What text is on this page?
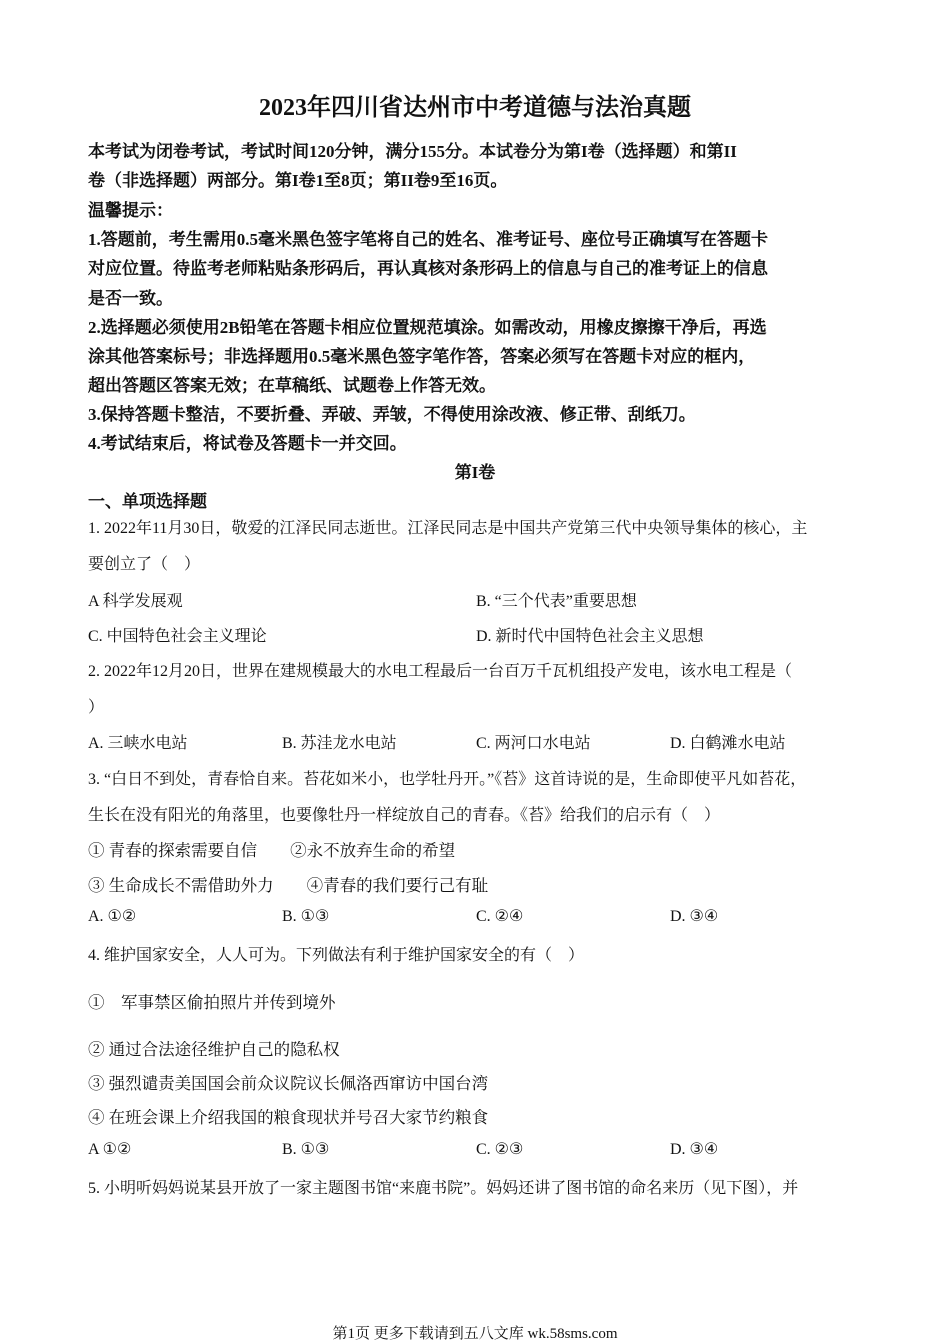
2023年四川省达州市中考道德与法治真题
本考试为闭卷考试，考试时间120分钟，满分155分。本试卷分为第I卷（选择题）和第II
卷（非选择题）两部分。第I卷1至8页；第II卷9至16页。
温馨提示：
1.答题前，考生需用0.5毫米黑色签字笔将自己的姓名、准考证号、座位号正确填写在答题卡
对应位置。待监考老师粘贴条形码后，再认真核对条形码上的信息与自己的准考证上的信息
是否一致。
2.选择题必须使用2B铅笔在答题卡相应位置规范填涂。如需改动，用橡皮擦擦干净后，再选
涂其他答案标号；非选择题用0.5毫米黑色签字笔作答，答案必须写在答题卡对应的框内，
超出答题区答案无效；在草稿纸、试题卷上作答无效。
3.保持答题卡整洁，不要折叠、弄破、弄皱，不得使用涂改液、修正带、刮纸刀。
4.考试结束后，将试卷及答题卡一并交回。
第I卷
一、单项选择题
1. 2022年11月30日，敬爱的江泽民同志逝世。江泽民同志是中国共产党第三代中央领导集体的核心，主
要创立了（　）
A 科学发展观	B. “三个代表”重要思想
C. 中国特色社会主义理论	D. 新时代中国特色社会主义思想
2. 2022年12月20日，世界在建规模最大的水电工程最后一台百万千瓦机组投产发电，该水电工程是（
）
A. 三峡水电站	B. 苏洼龙水电站	C. 两河口水电站	D. 白鹤滩水电站
3. “白日不到处，青春恰自来。苔花如米小，也学牡丹开。”《苔》这首诗说的是，生命即使平凡如苔花，
生长在没有阳光的角落里，也要像牡丹一样绽放自己的青春。《苔》给我们的启示有（　）
① 青春的探索需要自信　　②永不放弃生命的希望
③ 生命成长不需借助外力　　④青春的我们要行己有耻
A. ①②	B. ①③	C. ②④	D. ③④
4. 维护国家安全，人人可为。下列做法有利于维护国家安全的有（　）
①　军事禁区偷拍照片并传到境外
② 通过合法途径维护自己的隐私权
③ 强烈谴责美国国会前众议院议长佩洛西窜访中国台湾
④ 在班会课上介绍我国的粮食现状并号召大家节约粮食
A ①②	B. ①③	C. ②③	D. ③④
5. 小明听妈妈说某县开放了一家主题图书馆“来鹿书院”。妈妈还讲了图书馆的命名来历（见下图），并
第1页 更多下载请到五八文库 wk.58sms.com
